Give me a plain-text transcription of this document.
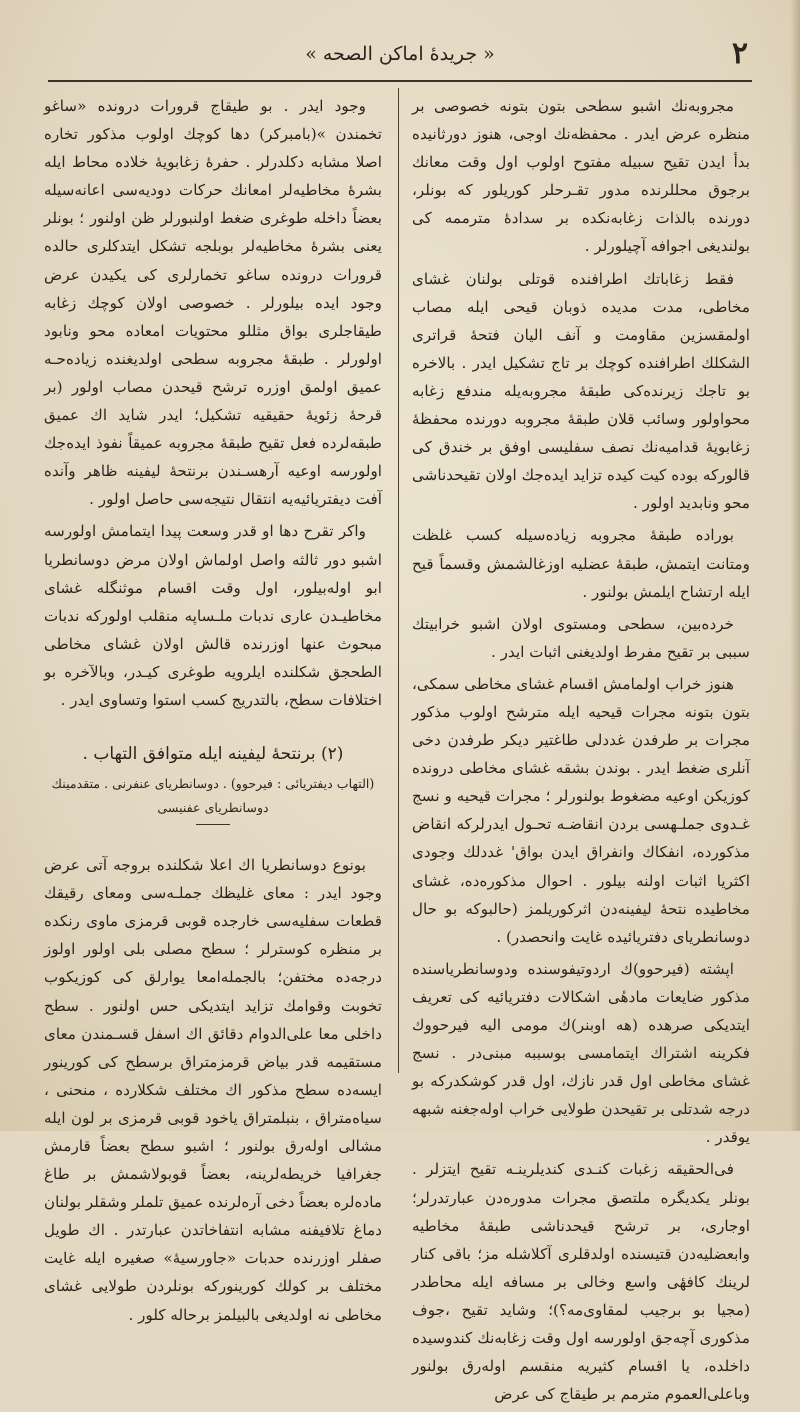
٢
« جريدهٔ اماكن الصحه »

مجروبه‌نك اشبو سطحی بتون بتونه خصوصی بر منظره عرض ایدر . محفظه‌نك اوجی، هنوز دورثانیده بدأ ایدن تقیح سبیله مفتوح اولوب اول وقت معانك برجوق محللرنده مدور تقـرحلر كوریلور كه بونلر، دورنده بالذات زغابه‌نكده بر سدادهٔ مترممه كی بولندیغی اجوافه آچیلورلر .

فقط زغاباتك اطرافنده قوتلی بولنان غشای مخاطی، مدت مدیده ذوبان قیحی ایله مصاب اولمقسزین مقاومت و آنف الیان فتحهٔ قراتری الشكلك اطرافنده كوچك بر تاج تشكیل ایدر . بالاخره بو تاجك زیرنده‌كی طبقهٔ مجروبه‌یله مندفع زغابه محواولور وسائب قلان طبقهٔ مجروبه دورنده محفظهٔ زغابویهٔ قدامیه‌نك نصف سفلیسی اوفق بر خندق كی قالوركه بوده كیت كیده تزاید ایده‌جك اولان تقیحدناشی محو ونابدید اولور .

بوراده طبقهٔ مجروبه زیاده‌سیله كسب غلظت ومتانت ایتمش، طبقهٔ عضلیه اوزغالشمش وقسماً قیح ایله ارتشاح ایلمش بولنور .

خرده‌بین، سطحی ومستوی اولان اشبو خرابیتك سببی بر تقیح مفرط اولدیغنی اثبات ایدر .

هنوز خراب اولمامش اقسام غشای مخاطی سمكی، بتون بتونه مجرات قیحیه ایله مترشح اولوب مذكور مجرات بر طرفدن غددلی طاغتیر دیكر طرفدن دخی آنلری ضغط ایدر . بوندن بشقه غشای مخاطی درونده كوزیكن اوعیه مضغوط بولنورلر ؛ مجرات قیحیه و نسج غـدوی جملـهسی بردن انقاضـه تحـول ایدرلركه انقاض مذكورده، انفكاك وانفراق ایدن بواق' غددلك وجودی اكثریا اثبات اولنه بیلور . احوال مذكوره‌ده، غشای مخاطیده نتحهٔ لیفینه‌دن اثركوریلمز (حالبوكه بو حال دوسانطریای دفتریائیده غایت وانحصدر) .

اپشته (فیرحوو)ك اردوتیفوسنده ودوسانطریاسنده مذكور ضایعات مادهٔی اشكالات دفتریائیه كی تعریف ایتدیكی صرهده (هه اوبنر)ك مومی الیه فیرحووك فكرینه اشتراك ایتمامسی بوسببه مبنی‌در . نسج غشای مخاطی اول قدر نازك، اول قدر كوشكدركه بو درجه شدتلی بر تقیحدن طولایی خراب اوله‌جغنه شبهه یوقدر .

فی‌الحقیقه زغبات كنـدی كندیلرینـه تقیح ایتزلر . بونلر یكدیگره ملتصق مجرات مدوره‌دن عبارتدرلر؛ اوجاری، بر ترشح قیحدناشی طبقهٔ مخاطیه وابعضلیه‌دن قتیسنده اولدقلری آكلاشله مز؛ باقی كنار لرینك كافهٔی واسع وخالی بر مسافه ایله محاطدر (مجیا بو برجیب لمقاوی‌مه؟)؛ وشاید تقیح ،جوف مذكوری آچه‌جق اولورسه اول وقت زغابه‌نك كندوسیده داخلده، یا اقسام كثیریه منقسم اوله‌رق بولنور وباعلی‌العموم مترمم بر طیقاج كی عرض

وجود ایدر . بو طیقاج قرورات درونده «ساغو تخمندن »(بامبركر) دها كوچك اولوب مذكور تخاره اصلا مشابه دكلدرلر . حفرهٔ زغابویهٔ خلاده محاط ایله بشرهٔ مخاطیه‌لر امعانك حركات دودیه‌سی اعانه‌سیله بعضاً داخله طوغری ضغط اولنبورلر ظن اولنور ؛ بونلر یعنی بشرهٔ مخاطیه‌لر بوبلجه تشكل ایتدكلری حالده قرورات درونده ساغو تخمارلری كی یكیدن عرض وجود ایده بیلورلر . خصوصی اولان كوچك زغابه طیقاجلری بواق مثللو محتویات امعاده محو ونابود اولورلر . طبقهٔ مجروبه سطحی اولدیغنده زیاده‌حـه عمیق اولمق اوزره ترشح قیحدن مصاب اولور (بر قرحهٔ زئویهٔ حقیقیه تشكیل؛ ایدر شاید اك عمیق طبقه‌لرده فعل تقیح طبقهٔ مجروبه عمیقاً نفوذ ایده‌جك اولورسه اوعیه آرهسـندن برنتحهٔ لیفینه ظاهر وآنده آفت دیفتریائیه‌یه انتقال نتیجه‌سی حاصل اولور .

واكر تقرح دها او قدر وسعت پیدا ایتمامش اولورسه اشبو دور ثالثه واصل اولماش اولان مرض دوسانطریا ابو اوله‌بیلور، اول وقت اقسام موثنگله غشای مخاطیـدن عاری ندبات ملـساپه منقلب اولوركه ندبات مبحوث عنها اوزرنده قالش اولان غشای مخاطی الطحجق شكلنده ایلرویه طوغری كیـدر، وبالآخره بو اختلافات سطح، بالتدریج كسب استوا وتساوی ایدر .

(٢) برنتحهٔ لیفینه ایله متوافق التهاب .
(التهاب دیفتریائی : فیرحوو) . دوسانطریای عنفرنی . متقدمینك دوسانطریای عفنیسی

بونوع دوسانطریا اك اعلا شكلنده بروجه آتی عرض وجود ایدر : معای غلیظك جملـه‌سی ومعای رقیقك قطعات سفلیه‌سی خارجده قوبی قرمزی ماوی رنكده بر منظره كوسترلر ؛ سطح مصلی بلی اولور اولوز درجه‌ده مختفن؛ بالجمله‌امعا یوارلق كی كوزیكوب تخوبت وقوامك تزاید ایتدیكی حس اولنور . سطح داخلی معا علی‌الدوام دقائق اك اسفل قسـمندن معای مستقیمه قدر بیاض قرمزمتراق برسطح كی كورینور ایسه‌ده سطح مذكور اك مختلف شكلارده ، منحنی ، سیاه‌متراق ، بنبلمتراق یاخود قوبی قرمزی بر لون ایله مشالی اوله‌رق بولنور ؛ اشبو سطح بعضاً قارمش جغرافیا خریطه‌لرینه، بعضاً قوبولاشمش بر طاغ ماده‌لره بعضاً دخی آره‌لرنده عمیق تلملر وشقلر بولنان دماغ تلافیفنه مشابه انتفاخاتدن عبارتدر . اك طویل صفلر اوزرنده حدبات «جاورسیهٔ» صغیره ایله غایت مختلف بر كولك كورینوركه بونلردن طولایی غشای مخاطی نه اولدیغی بالبیلمز برحاله كلور .
